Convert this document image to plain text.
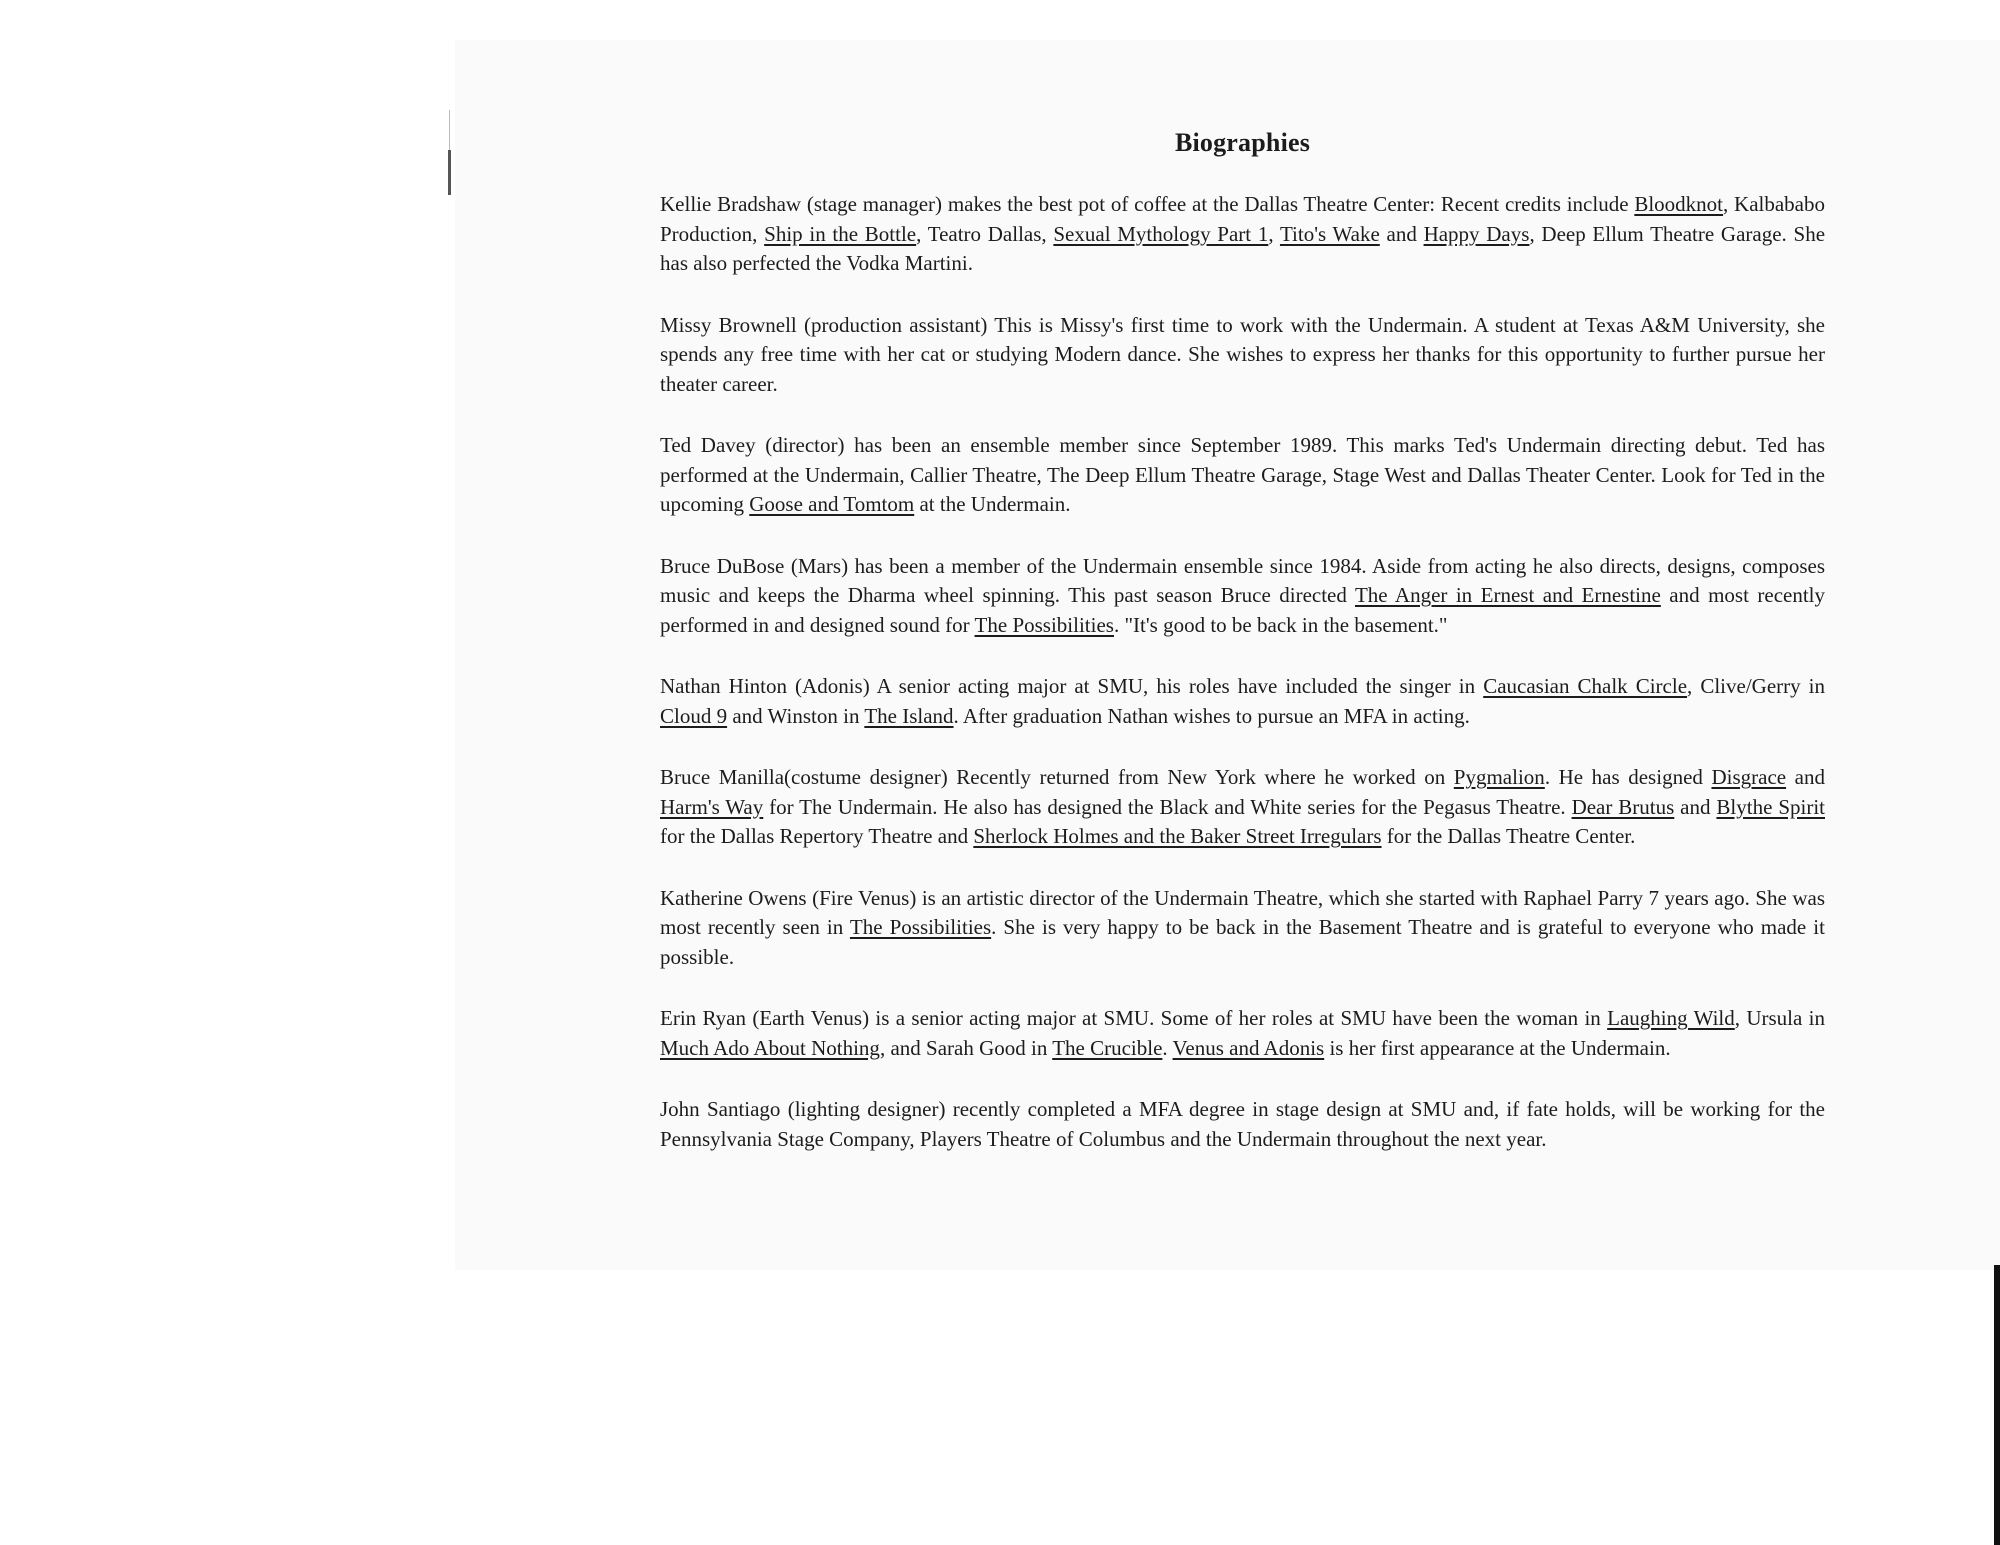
Biographies

Kellie Bradshaw (stage manager) makes the best pot of coffee at the Dallas Theatre Center: Recent credits include Bloodknot, Kalbababo Production, Ship in the Bottle, Teatro Dallas, Sexual Mythology Part 1, Tito's Wake and Happy Days, Deep Ellum Theatre Garage. She has also perfected the Vodka Martini.

Missy Brownell (production assistant) This is Missy's first time to work with the Undermain. A student at Texas A&M University, she spends any free time with her cat or studying Modern dance. She wishes to express her thanks for this opportunity to further pursue her theater career.

Ted Davey (director) has been an ensemble member since September 1989. This marks Ted's Undermain directing debut. Ted has performed at the Undermain, Callier Theatre, The Deep Ellum Theatre Garage, Stage West and Dallas Theater Center. Look for Ted in the upcoming Goose and Tomtom at the Undermain.

Bruce DuBose (Mars) has been a member of the Undermain ensemble since 1984. Aside from acting he also directs, designs, composes music and keeps the Dharma wheel spinning. This past season Bruce directed The Anger in Ernest and Ernestine and most recently performed in and designed sound for The Possibilities. "It's good to be back in the basement."

Nathan Hinton (Adonis) A senior acting major at SMU, his roles have included the singer in Caucasian Chalk Circle, Clive/Gerry in Cloud 9 and Winston in The Island. After graduation Nathan wishes to pursue an MFA in acting.

Bruce Manilla(costume designer) Recently returned from New York where he worked on Pygmalion. He has designed Disgrace and Harm's Way for The Undermain. He also has designed the Black and White series for the Pegasus Theatre. Dear Brutus and Blythe Spirit for the Dallas Repertory Theatre and Sherlock Holmes and the Baker Street Irregulars for the Dallas Theatre Center.

Katherine Owens (Fire Venus) is an artistic director of the Undermain Theatre, which she started with Raphael Parry 7 years ago. She was most recently seen in The Possibilities. She is very happy to be back in the Basement Theatre and is grateful to everyone who made it possible.

Erin Ryan (Earth Venus) is a senior acting major at SMU. Some of her roles at SMU have been the woman in Laughing Wild, Ursula in Much Ado About Nothing, and Sarah Good in The Crucible. Venus and Adonis is her first appearance at the Undermain.

John Santiago (lighting designer) recently completed a MFA degree in stage design at SMU and, if fate holds, will be working for the Pennsylvania Stage Company, Players Theatre of Columbus and the Undermain throughout the next year.
